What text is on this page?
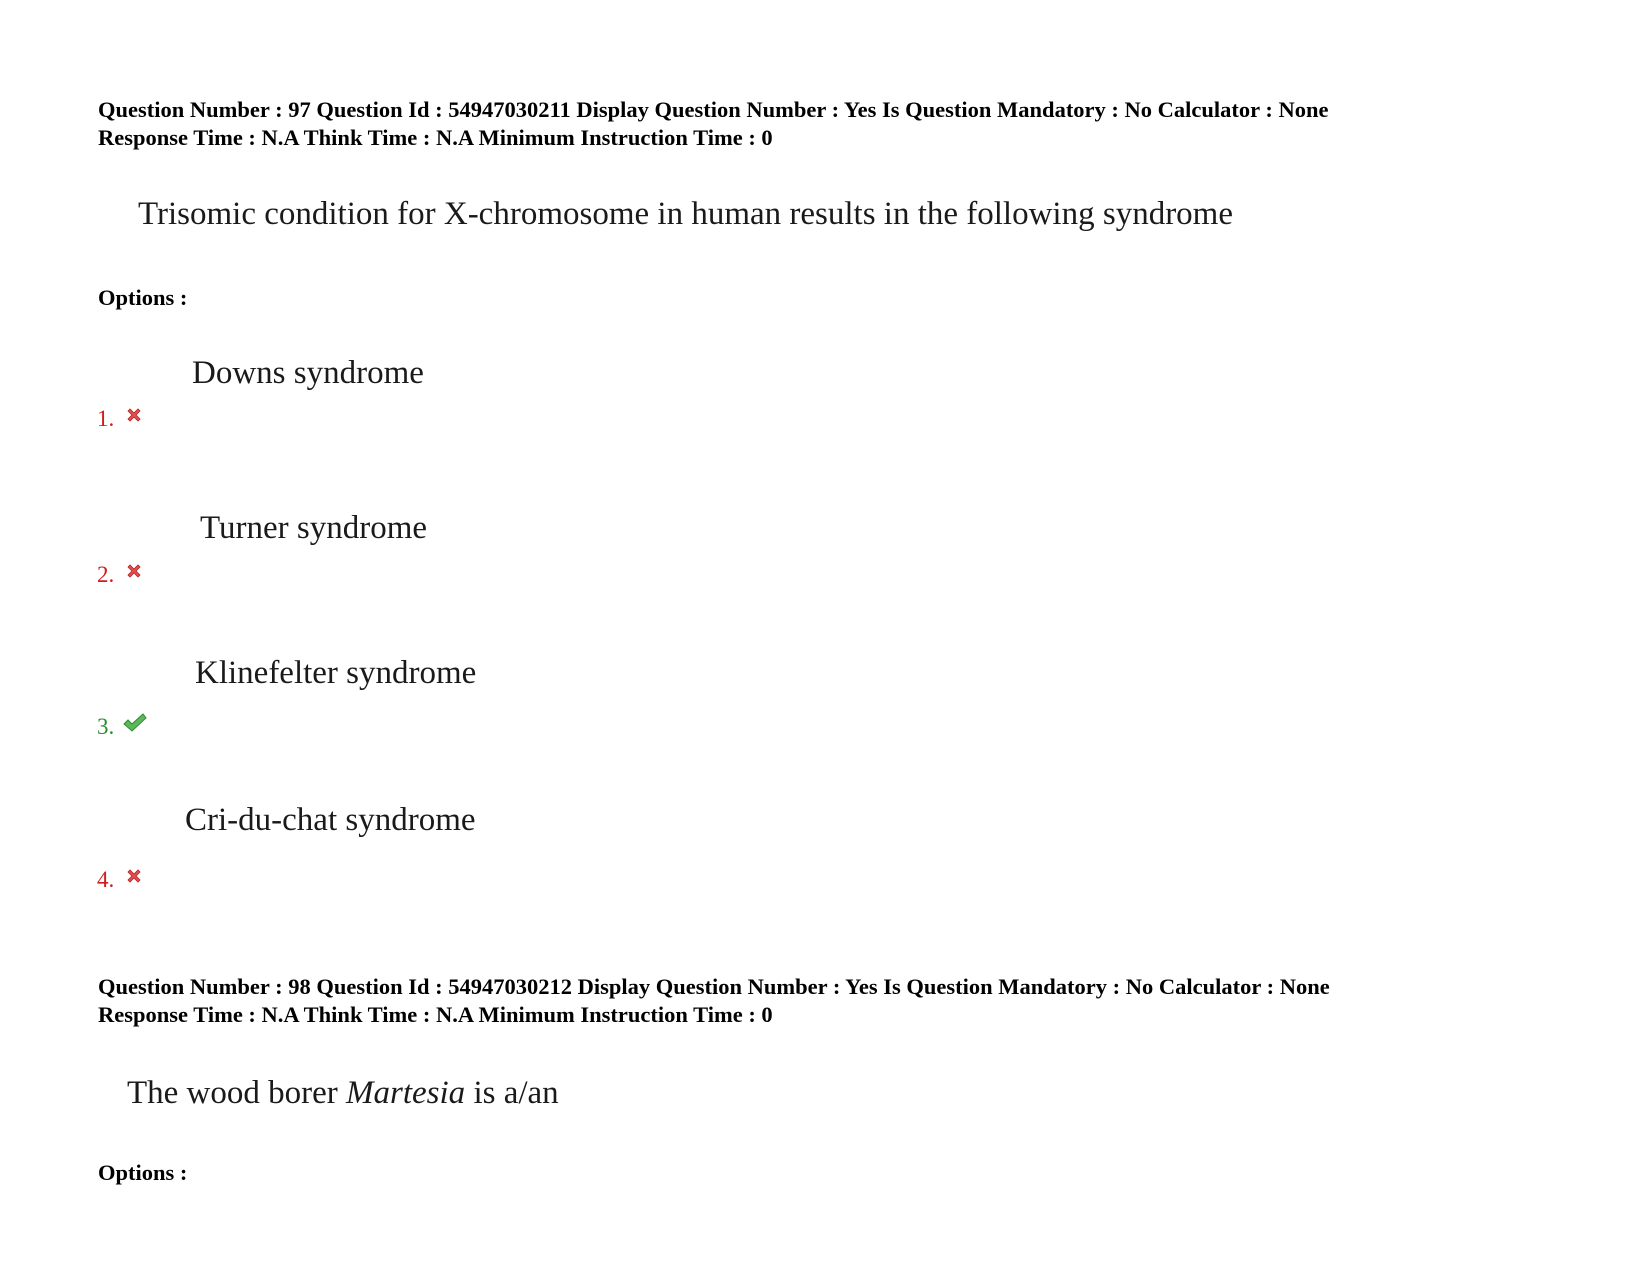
Question Number : 97 Question Id : 54947030211 Display Question Number : Yes Is Question Mandatory : No Calculator : None
Response Time : N.A Think Time : N.A Minimum Instruction Time : 0
Trisomic condition for X-chromosome in human results in the following syndrome
Options :
Downs syndrome
1.
Turner syndrome
2.
Klinefelter syndrome
3.
Cri-du-chat syndrome
4.
Question Number : 98 Question Id : 54947030212 Display Question Number : Yes Is Question Mandatory : No Calculator : None
Response Time : N.A Think Time : N.A Minimum Instruction Time : 0
The wood borer Martesia is a/an
Options :
